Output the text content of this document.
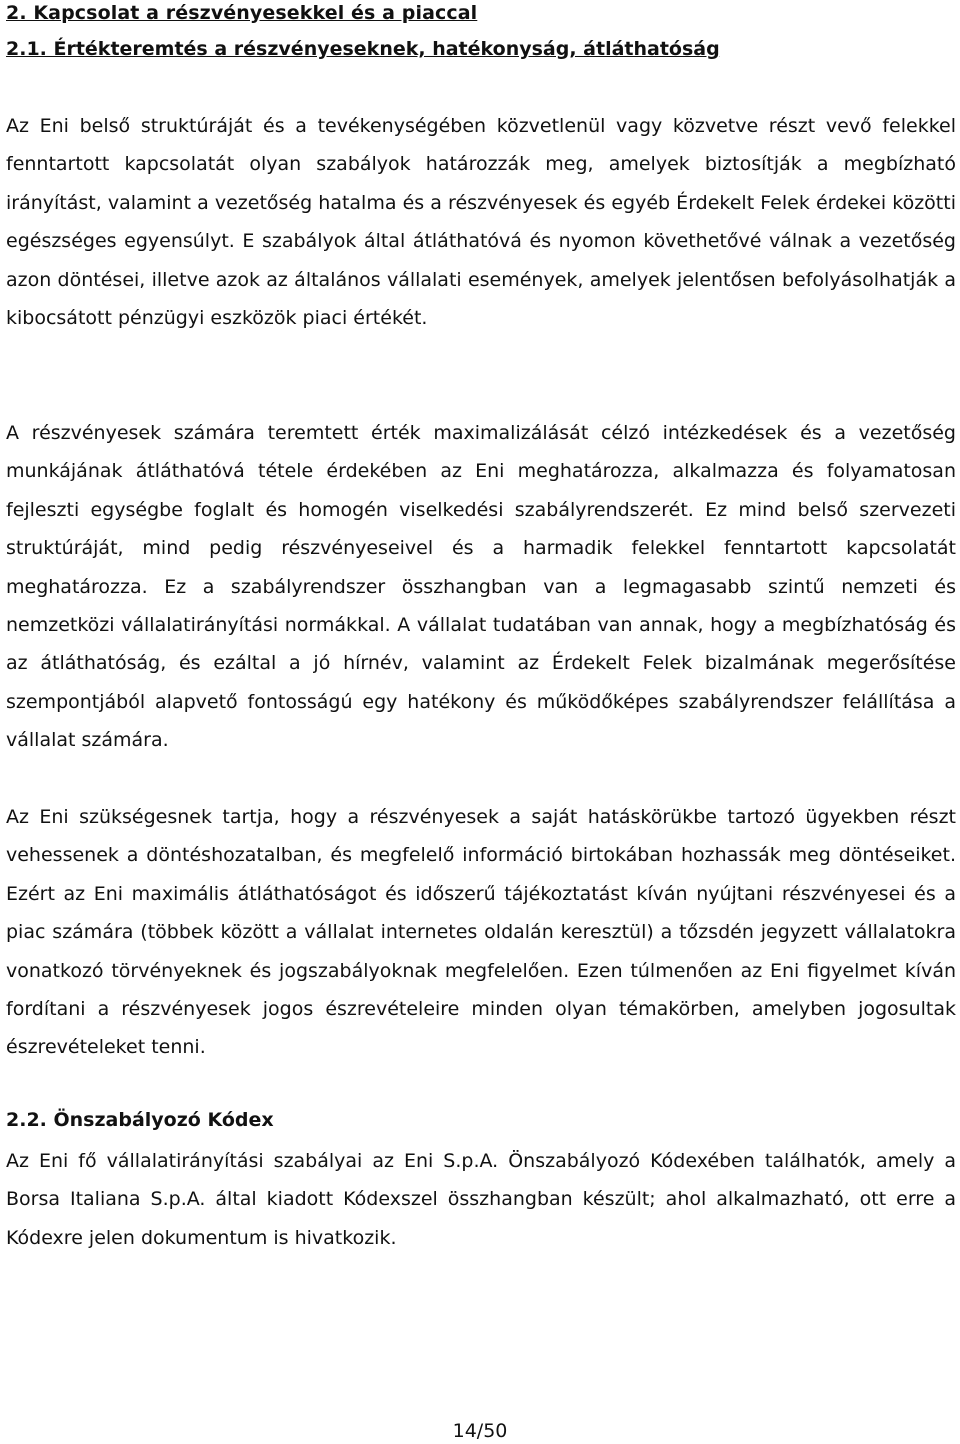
2. Kapcsolat a részvényesekkel és a piaccal
2.1. Értékteremtés a részvényeseknek, hatékonyság, átláthatóság

Az Eni belső struktúráját és a tevékenységében közvetlenül vagy közvetve részt vevő felekkel fenntartott kapcsolatát olyan szabályok határozzák meg, amelyek biztosítják a megbízható irányítást, valamint a vezetőség hatalma és a részvényesek és egyéb Érdekelt Felek érdekei közötti egészséges egyensúlyt. E szabályok által átláthatóvá és nyomon követhetővé válnak a vezetőség azon döntései, illetve azok az általános vállalati események, amelyek jelentősen befolyásolhatják a kibocsátott pénzügyi eszközök piaci értékét.

A részvényesek számára teremtett érték maximalizálását célzó intézkedések és a vezetőség munkájának átláthatóvá tétele érdekében az Eni meghatározza, alkalmazza és folyamatosan fejleszti egységbe foglalt és homogén viselkedési szabályrendszerét. Ez mind belső szervezeti struktúráját, mind pedig részvényeseivel és a harmadik felekkel fenntartott kapcsolatát meghatározza. Ez a szabályrendszer összhangban van a legmagasabb szintű nemzeti és nemzetközi vállalatirányítási normákkal. A vállalat tudatában van annak, hogy a megbízhatóság és az átláthatóság, és ezáltal a jó hírnév, valamint az Érdekelt Felek bizalmának megerősítése szempontjából alapvető fontosságú egy hatékony és működőképes szabályrendszer felállítása a vállalat számára.

Az Eni szükségesnek tartja, hogy a részvényesek a saját hatáskörükbe tartozó ügyekben részt vehessenek a döntéshozatalban, és megfelelő információ birtokában hozhassák meg döntéseiket. Ezért az Eni maximális átláthatóságot és időszerű tájékoztatást kíván nyújtani részvényesei és a piac számára (többek között a vállalat internetes oldalán keresztül) a tőzsdén jegyzett vállalatokra vonatkozó törvényeknek és jogszabályoknak megfelelően. Ezen túlmenően az Eni figyelmet kíván fordítani a részvényesek jogos észrevételeire minden olyan témakörben, amelyben jogosultak észrevételeket tenni.

2.2. Önszabályozó Kódex

Az Eni fő vállalatirányítási szabályai az Eni S.p.A. Önszabályozó Kódexében találhatók, amely a Borsa Italiana S.p.A. által kiadott Kódexszel összhangban készült; ahol alkalmazható, ott erre a Kódexre jelen dokumentum is hivatkozik.

14/50
